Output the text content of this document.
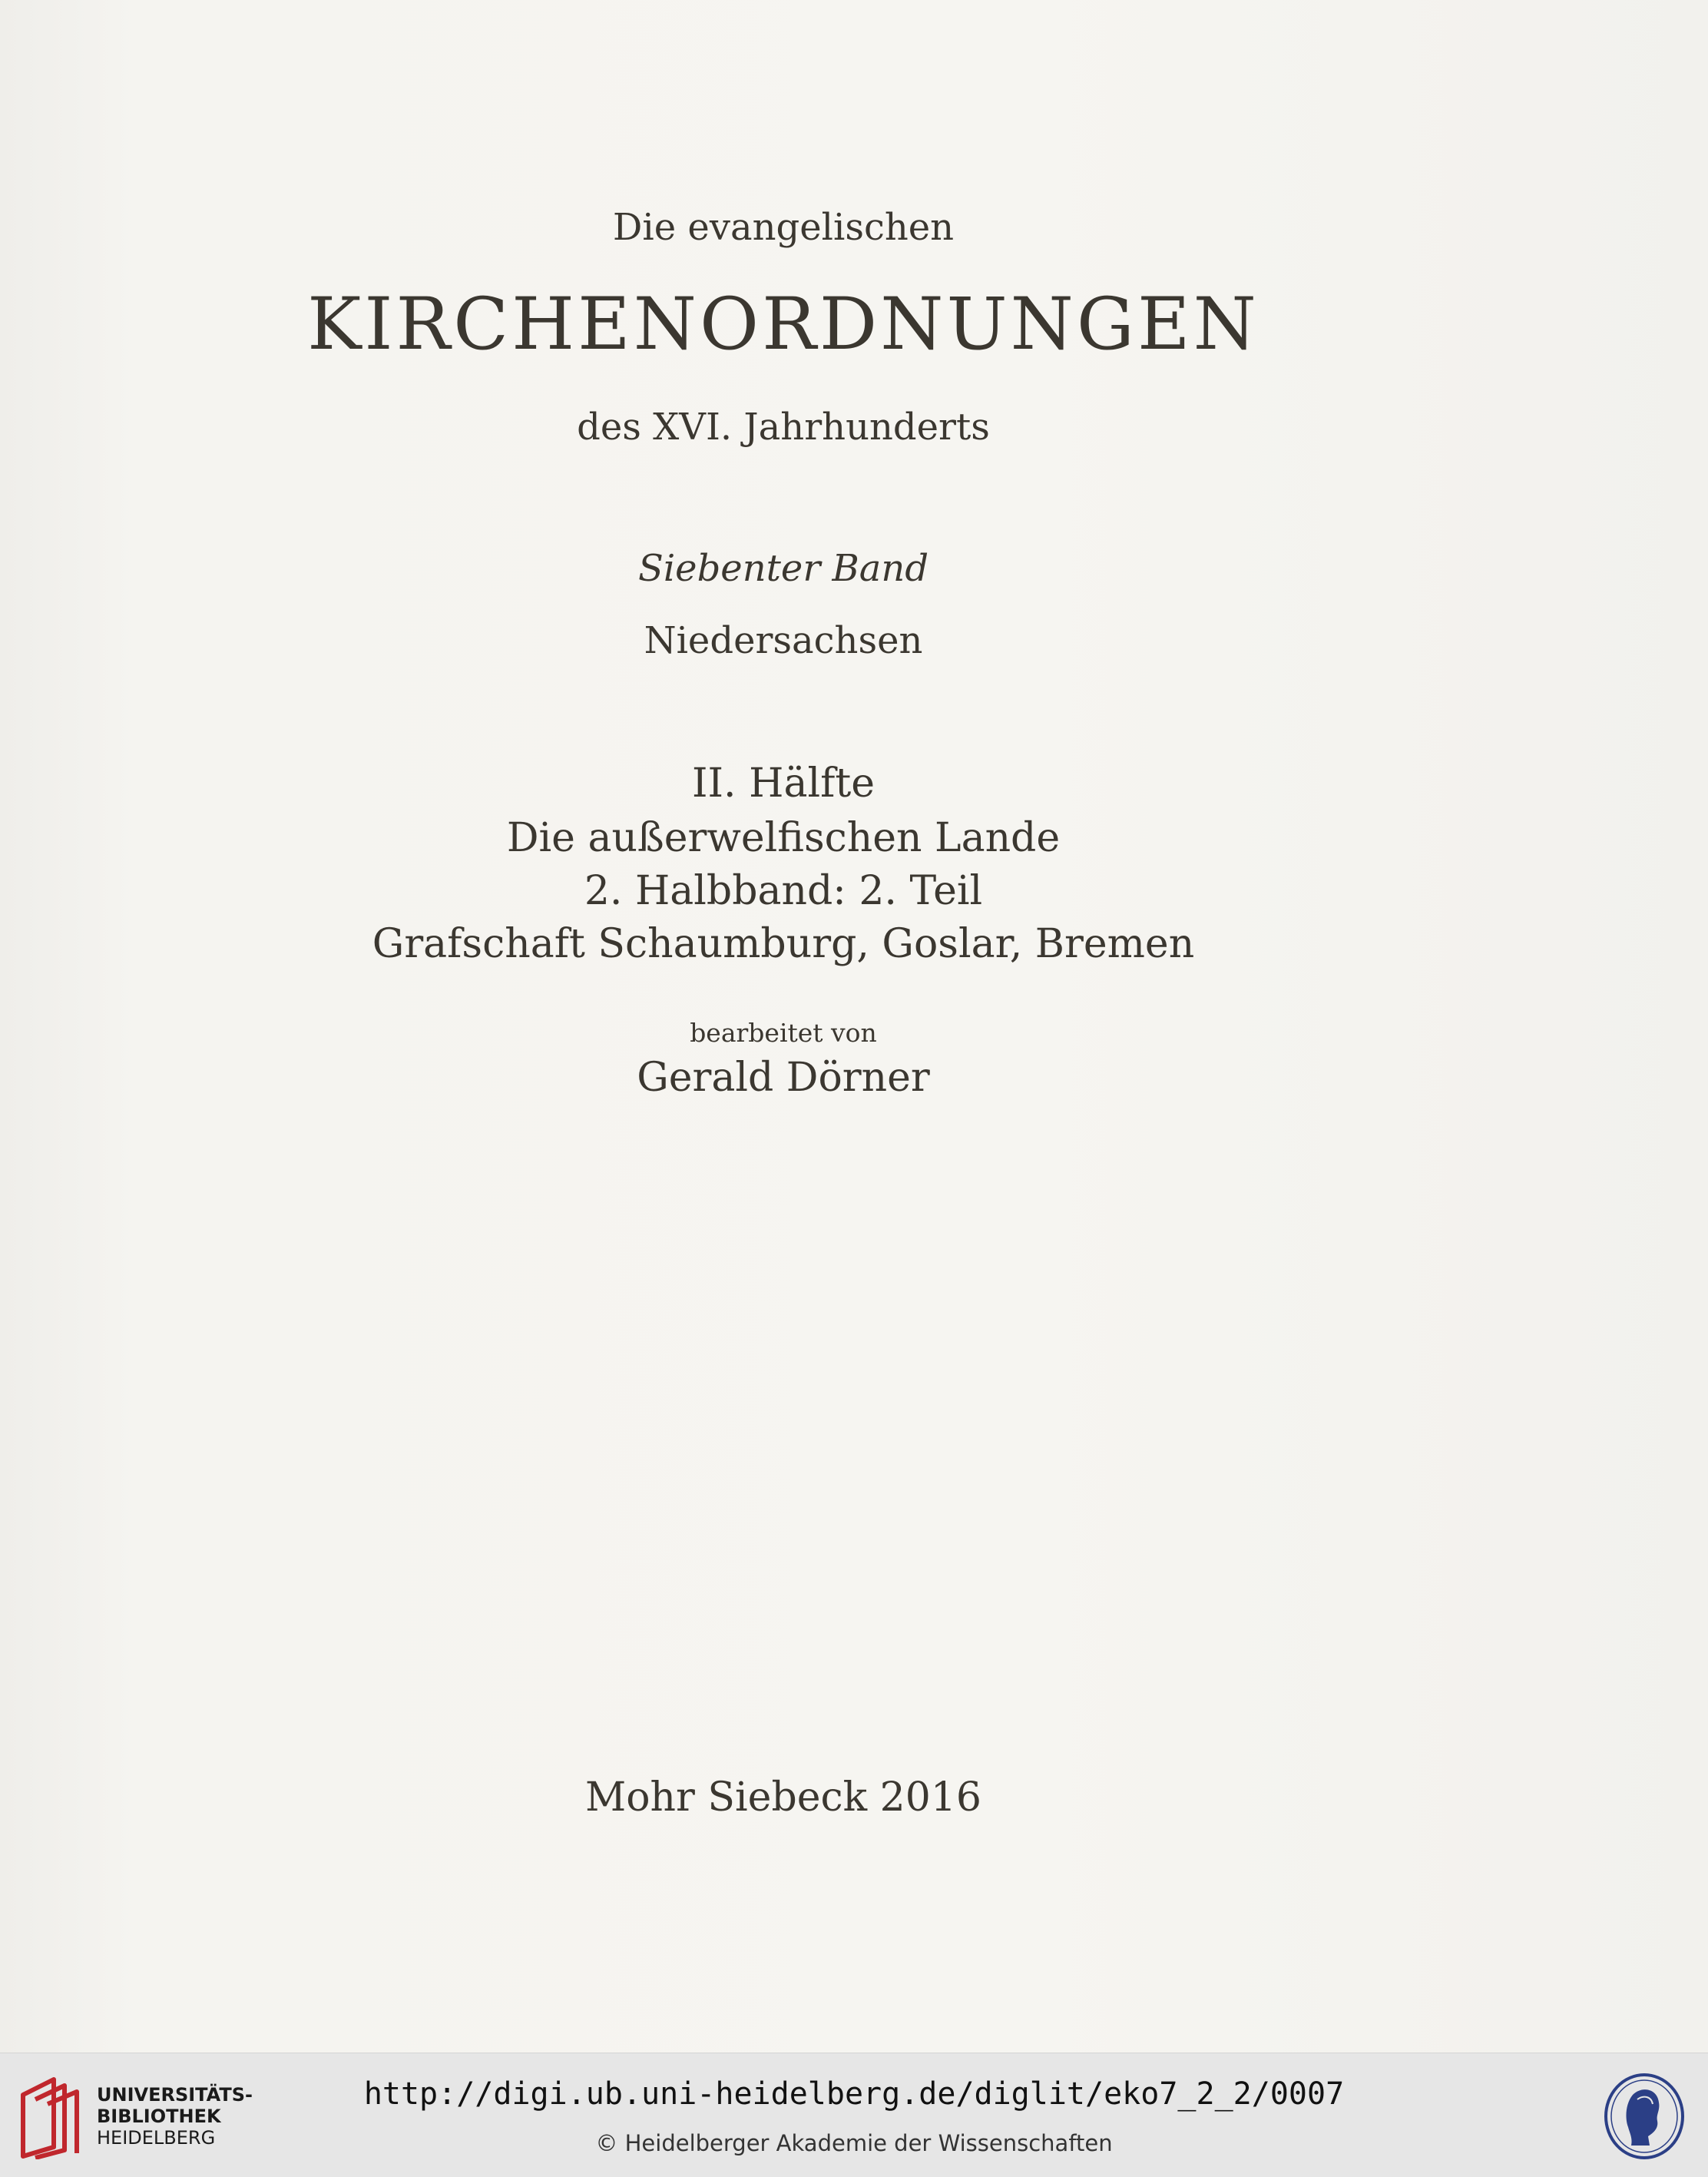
Die evangelischen
KIRCHENORDNUNGEN
des XVI. Jahrhunderts
Siebenter Band
Niedersachsen
II. Hälfte
Die außerwelfischen Lande
2. Halbband: 2. Teil
Grafschaft Schaumburg, Goslar, Bremen
bearbeitet von
Gerald Dörner
Mohr Siebeck 2016
UNIVERSITÄTS-
BIBLIOTHEK
HEIDELBERG
http://digi.ub.uni-heidelberg.de/diglit/eko7_2_2/0007
© Heidelberger Akademie der Wissenschaften
